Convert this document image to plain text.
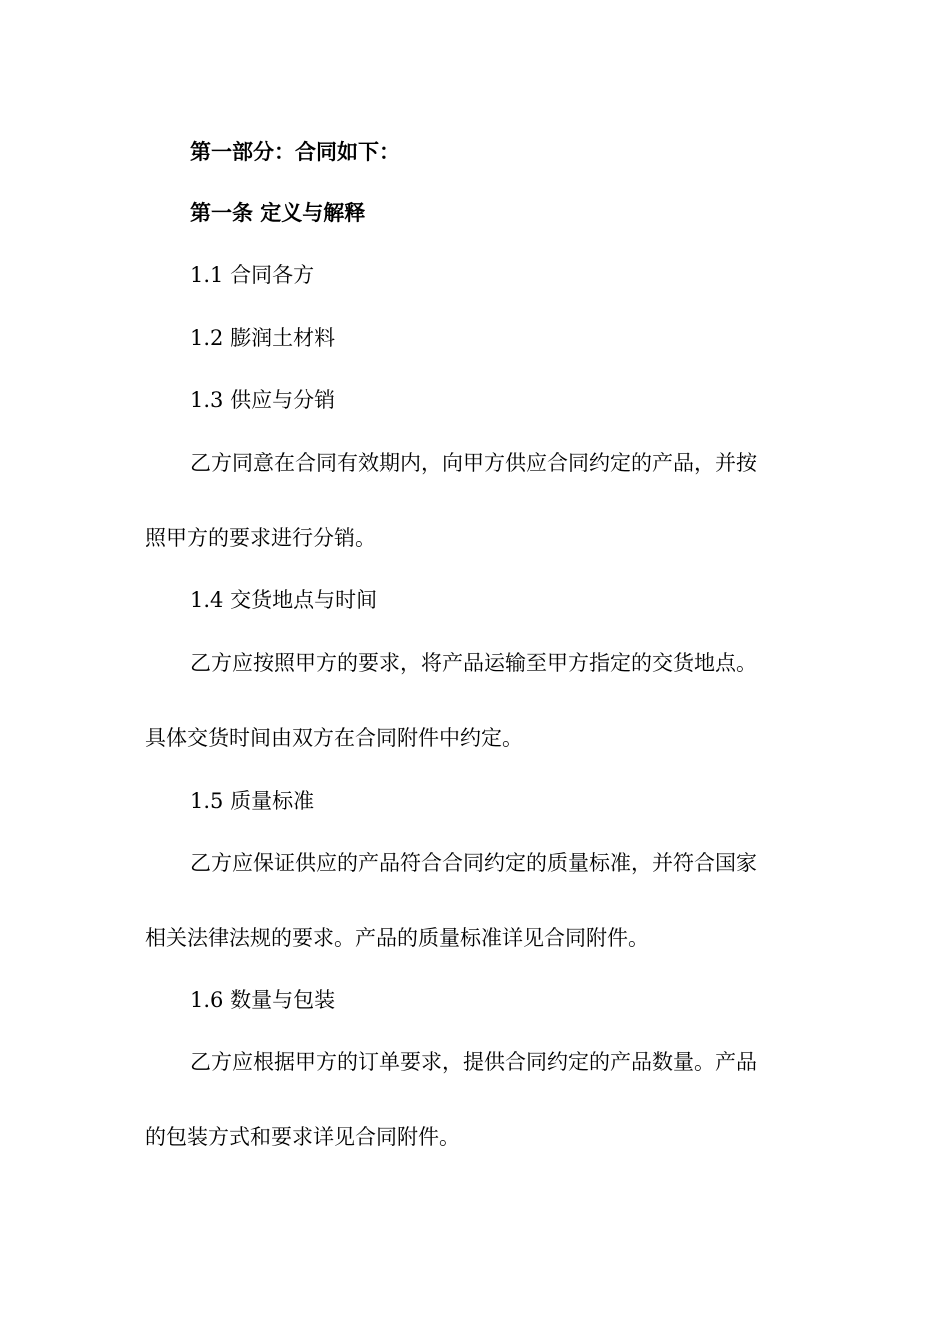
第一部分：合同如下：

第一条 定义与解释

1.1 合同各方

1.2 膨润土材料

1.3 供应与分销

乙方同意在合同有效期内，向甲方供应合同约定的产品，并按

照甲方的要求进行分销。

1.4 交货地点与时间

乙方应按照甲方的要求，将产品运输至甲方指定的交货地点。

具体交货时间由双方在合同附件中约定。

1.5 质量标准

乙方应保证供应的产品符合合同约定的质量标准，并符合国家

相关法律法规的要求。产品的质量标准详见合同附件。

1.6 数量与包装

乙方应根据甲方的订单要求，提供合同约定的产品数量。产品

的包装方式和要求详见合同附件。
